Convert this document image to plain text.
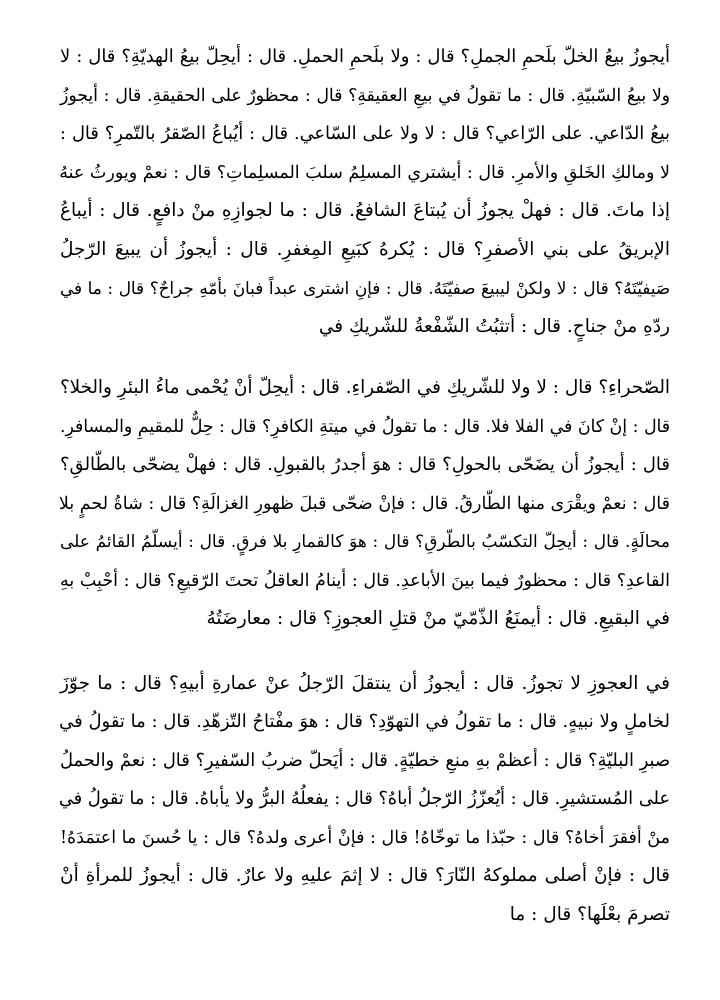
أيجوزُ بيعُ الخلّ بلَحمِ الجملِ؟ قال : ولا بلَحمِ الحملِ. قال : أيحِلّ بيعُ الهديّةِ؟ قال : لا
ولا بيعُ السّبيّةِ. قال : ما تقولُ في بيعِ العقيقةِ؟ قال : محظورٌ على الحقيقةِ. قال : أيجوزُ
بيعُ الدّاعي. على الرّاعي؟ قال : لا ولا على السّاعي. قال : أيُباعُ الصّقرُ بالتّمرِ؟ قال :
لا ومالكِ الخَلقِ والأمرِ. قال : أيشتري المسلِمُ سلبَ المسلِماتِ؟ قال : نعمْ ويورثُ عنهُ
إذا ماتَ. قال : فهلْ يجوزُ أن يُبتاعَ الشافعُ. قال : ما لجوازِهِ منْ دافعٍ. قال : أيباعُ
الإبريقُ على بني الأصفرِ؟ قال : يُكرهُ كبَيعِ المِغفرِ. قال : أيجوزُ أن يبيعَ الرّجلُ
صَيفيّتَهُ؟ قال : لا ولكنْ ليبيعَ صفيّتَهُ. قال : فإنِ اشترى عبداً فبانَ بأمّهِ جراحٌ؟ قال : ما في
ردّهِ منْ جناحٍ. قال : أتثبُتُ الشّفْعةُ للشّريكِ في
الصّحراءِ؟ قال : لا ولا للشّريكِ في الصّفراءِ. قال : أيحِلّ أنْ يُحْمى ماءُ البئرِ والخلا؟
قال : إنْ كانَ في الفلا فلا. قال : ما تقولُ في ميتةِ الكافرِ؟ قال : حِلٌّ للمقيمِ والمسافرِ.
قال : أيجوزُ أن يضَحّى بالحولِ؟ قال : هوَ أجدرُ بالقبولِ. قال : فهلْ يضحّى بالطّالقِ؟
قال : نعمْ ويقْرَى منها الطّارقُ. قال : فإنْ ضحّى قبلَ ظهورِ الغزالَةِ؟ قال : شاةُ لحمٍ بلا
محالَةٍ. قال : أيحِلّ التكسّبُ بالطّرقِ؟ قال : هوَ كالقمارِ بلا فرقٍ. قال : أيسلّمُ القائمُ على
القاعدِ؟ قال : محظورٌ فيما بينَ الأباعدِ. قال : أينامُ العاقلُ تحتَ الرّقيعِ؟ قال : أحْبِبْ بهِ
في البقيعِ. قال : أيمنَعُ الذّمّيّ منْ قتلِ العجوزِ؟ قال : معارضَتُهُ
في العجوزِ لا تجوزُ. قال : أيجوزُ أن ينتقلَ الرّجلُ عنْ عمارةِ أبيهِ؟ قال : ما جوّزَ
لخاملٍ ولا نبيهٍ. قال : ما تقولُ في التهوّدِ؟ قال : هوَ مفْتاحُ التّزهّدِ. قال : ما تقولُ في
صبرِ البليّةِ؟ قال : أعظمْ بهِ منعِ خطيّةٍ. قال : أيَحلّ ضربُ السّفيرِ؟ قال : نعمْ والحملُ
على المُستشيرِ. قال : أيُعزّزُ الرّجلُ أباهُ؟ قال : يفعلُهُ البرُّ ولا يأباهُ. قال : ما تقولُ في
منْ أفقرَ أخاهُ؟ قال : حبّذا ما توخّاهُ! قال : فإنْ أعرى ولدهُ؟ قال : يا حُسنَ ما اعتمَدَهُ!
قال : فإنْ أصلى مملوكهُ النّارَ؟ قال : لا إثمَ عليهِ ولا عارٌ. قال : أيجوزُ للمرأةِ أنْ
تصرمَ بعْلَها؟ قال : ما
